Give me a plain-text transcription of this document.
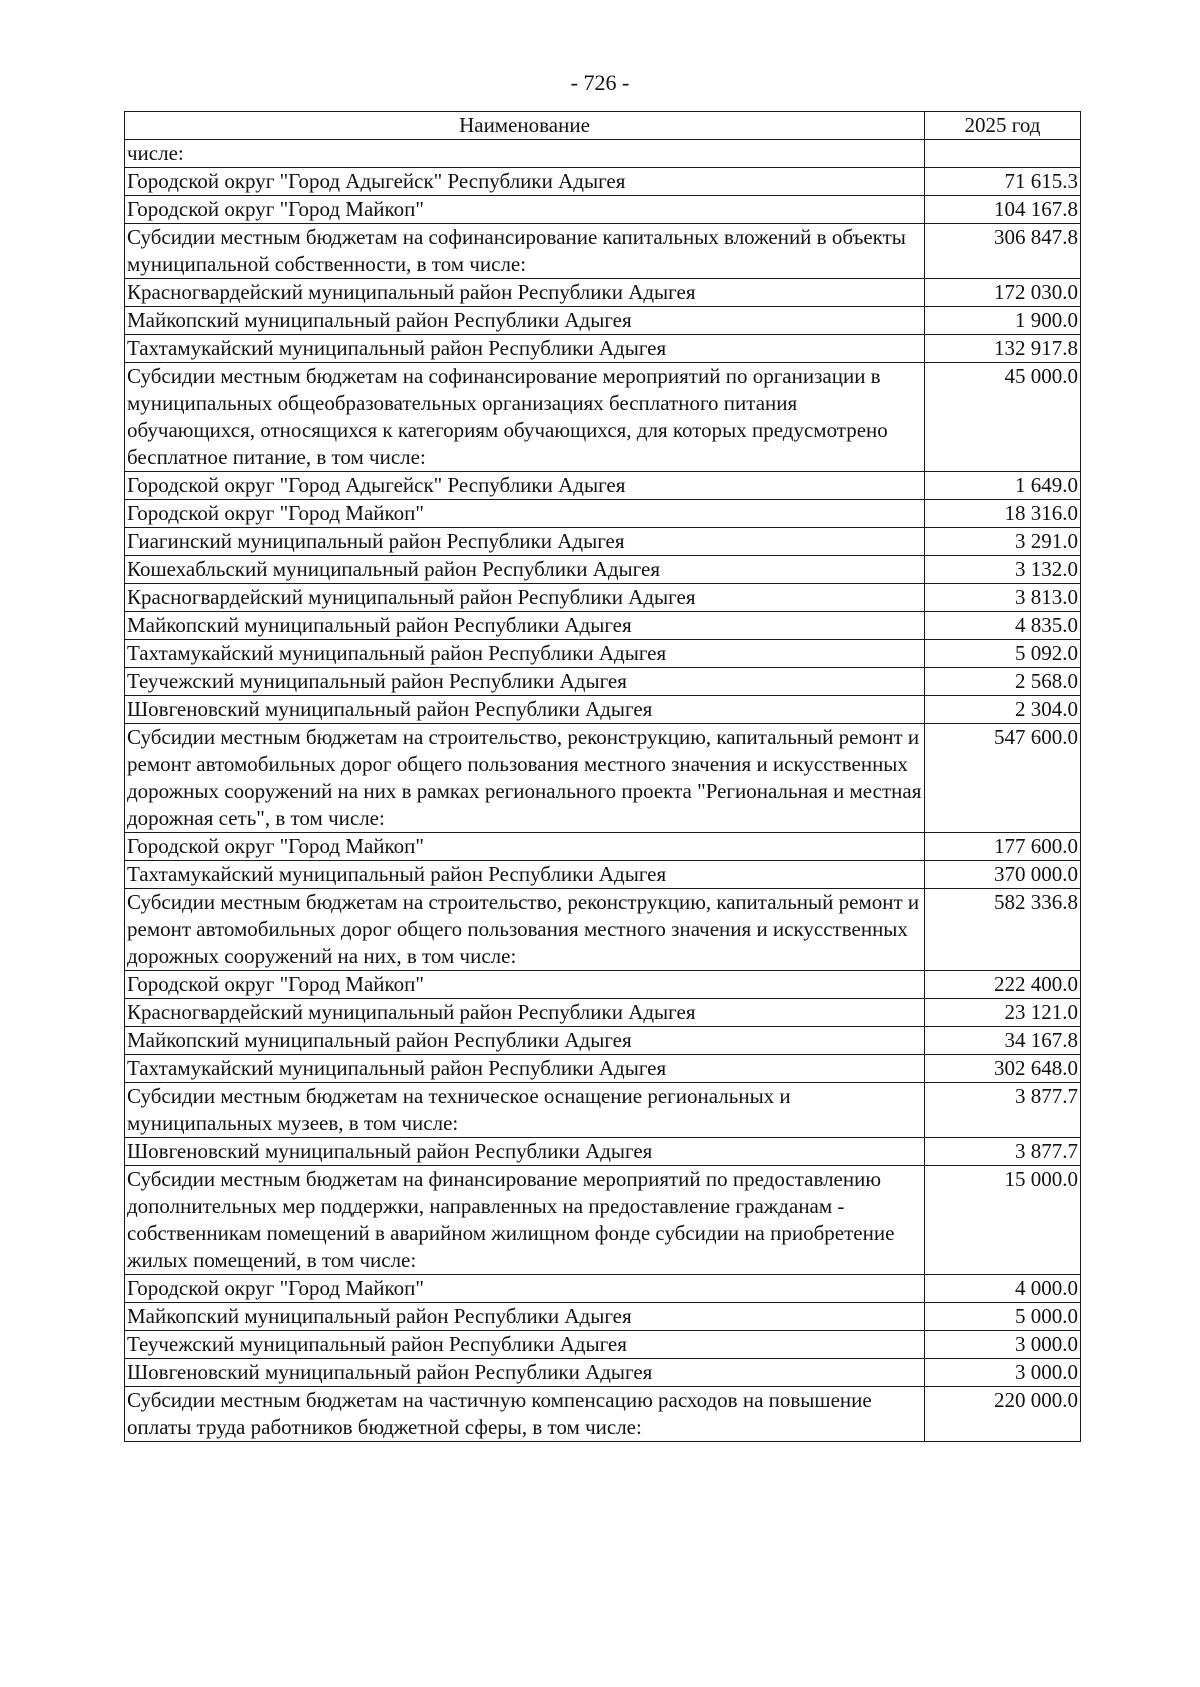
- 726 -
Наименование	2025 год
числе:	
Городской округ "Город Адыгейск" Республики Адыгея	71 615.3
Городской округ "Город Майкоп"	104 167.8
Субсидии местным бюджетам на софинансирование капитальных вложений в объекты муниципальной собственности, в том числе:	306 847.8
Красногвардейский муниципальный район Республики Адыгея	172 030.0
Майкопский муниципальный район Республики Адыгея	1 900.0
Тахтамукайский муниципальный район Республики Адыгея	132 917.8
Субсидии местным бюджетам на софинансирование мероприятий по организации в муниципальных общеобразовательных организациях бесплатного питания обучающихся, относящихся к категориям обучающихся, для которых предусмотрено бесплатное питание, в том числе:	45 000.0
Городской округ "Город Адыгейск" Республики Адыгея	1 649.0
Городской округ "Город Майкоп"	18 316.0
Гиагинский муниципальный район Республики Адыгея	3 291.0
Кошехабльский муниципальный район Республики Адыгея	3 132.0
Красногвардейский муниципальный район Республики Адыгея	3 813.0
Майкопский муниципальный район Республики Адыгея	4 835.0
Тахтамукайский муниципальный район Республики Адыгея	5 092.0
Теучежский муниципальный район Республики Адыгея	2 568.0
Шовгеновский муниципальный район Республики Адыгея	2 304.0
Субсидии местным бюджетам на строительство, реконструкцию, капитальный ремонт и ремонт автомобильных дорог общего пользования местного значения и искусственных дорожных сооружений на них в рамках регионального проекта "Региональная и местная дорожная сеть", в том числе:	547 600.0
Городской округ "Город Майкоп"	177 600.0
Тахтамукайский муниципальный район Республики Адыгея	370 000.0
Субсидии местным бюджетам на строительство, реконструкцию, капитальный ремонт и ремонт автомобильных дорог общего пользования местного значения и искусственных дорожных сооружений на них, в том числе:	582 336.8
Городской округ "Город Майкоп"	222 400.0
Красногвардейский муниципальный район Республики Адыгея	23 121.0
Майкопский муниципальный район Республики Адыгея	34 167.8
Тахтамукайский муниципальный район Республики Адыгея	302 648.0
Субсидии местным бюджетам на техническое оснащение региональных и муниципальных музеев, в том числе:	3 877.7
Шовгеновский муниципальный район Республики Адыгея	3 877.7
Субсидии местным бюджетам на финансирование мероприятий по предоставлению дополнительных мер поддержки, направленных на предоставление гражданам - собственникам помещений в аварийном жилищном фонде субсидии на приобретение жилых помещений, в том числе:	15 000.0
Городской округ "Город Майкоп"	4 000.0
Майкопский муниципальный район Республики Адыгея	5 000.0
Теучежский муниципальный район Республики Адыгея	3 000.0
Шовгеновский муниципальный район Республики Адыгея	3 000.0
Субсидии местным бюджетам на частичную компенсацию расходов на повышение оплаты труда работников бюджетной сферы, в том числе:	220 000.0
